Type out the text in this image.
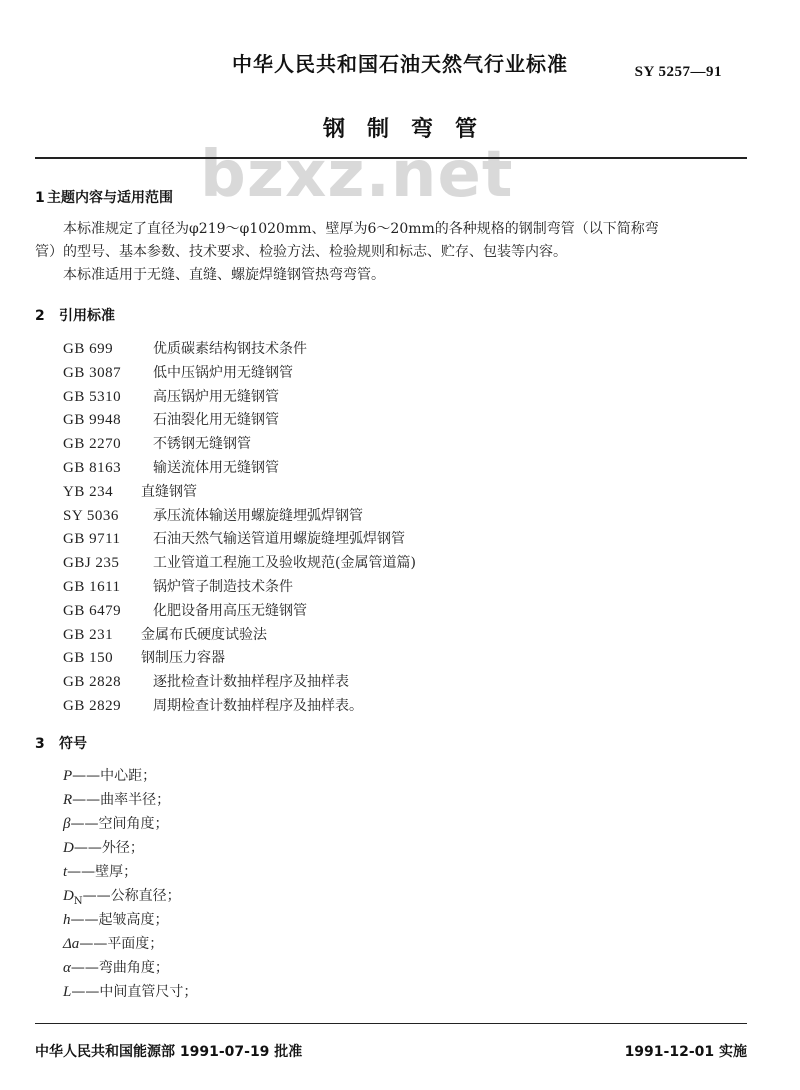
中华人民共和国石油天然气行业标准	SY 5257—91
钢制弯管
bzxz.net
1 主题内容与适用范围
本标准规定了直径为φ219～φ1020mm、壁厚为6～20mm的各种规格的钢制弯管（以下简称弯
管）的型号、基本参数、技术要求、检验方法、检验规则和标志、贮存、包装等内容。
本标准适用于无缝、直缝、螺旋焊缝钢管热弯弯管。
2 引用标准
GB 699	优质碳素结构钢技术条件
GB 3087 低中压锅炉用无缝钢管
GB 5310 高压锅炉用无缝钢管
GB 9948 石油裂化用无缝钢管
GB 2270 不锈钢无缝钢管
GB 8163 输送流体用无缝钢管
YB 234 直缝钢管
SY 5036 承压流体输送用螺旋缝埋弧焊钢管
GB 9711 石油天然气输送管道用螺旋缝埋弧焊钢管
GBJ 235 工业管道工程施工及验收规范(金属管道篇)
GB 1611 锅炉管子制造技术条件
GB 6479 化肥设备用高压无缝钢管
GB 231 金属布氏硬度试验法
GB 150 钢制压力容器
GB 2828 逐批检查计数抽样程序及抽样表
GB 2829 周期检查计数抽样程序及抽样表。
3 符号
P——中心距；
R——曲率半径；
β——空间角度；
D——外径；
t——壁厚；
$D_N——$公称直径；
h——起皱高度；
Δa——平面度；
α——弯曲角度；
L——中间直管尺寸；
中华人民共和国能源部 1991-07-19 批准	1991-12-01 实施
